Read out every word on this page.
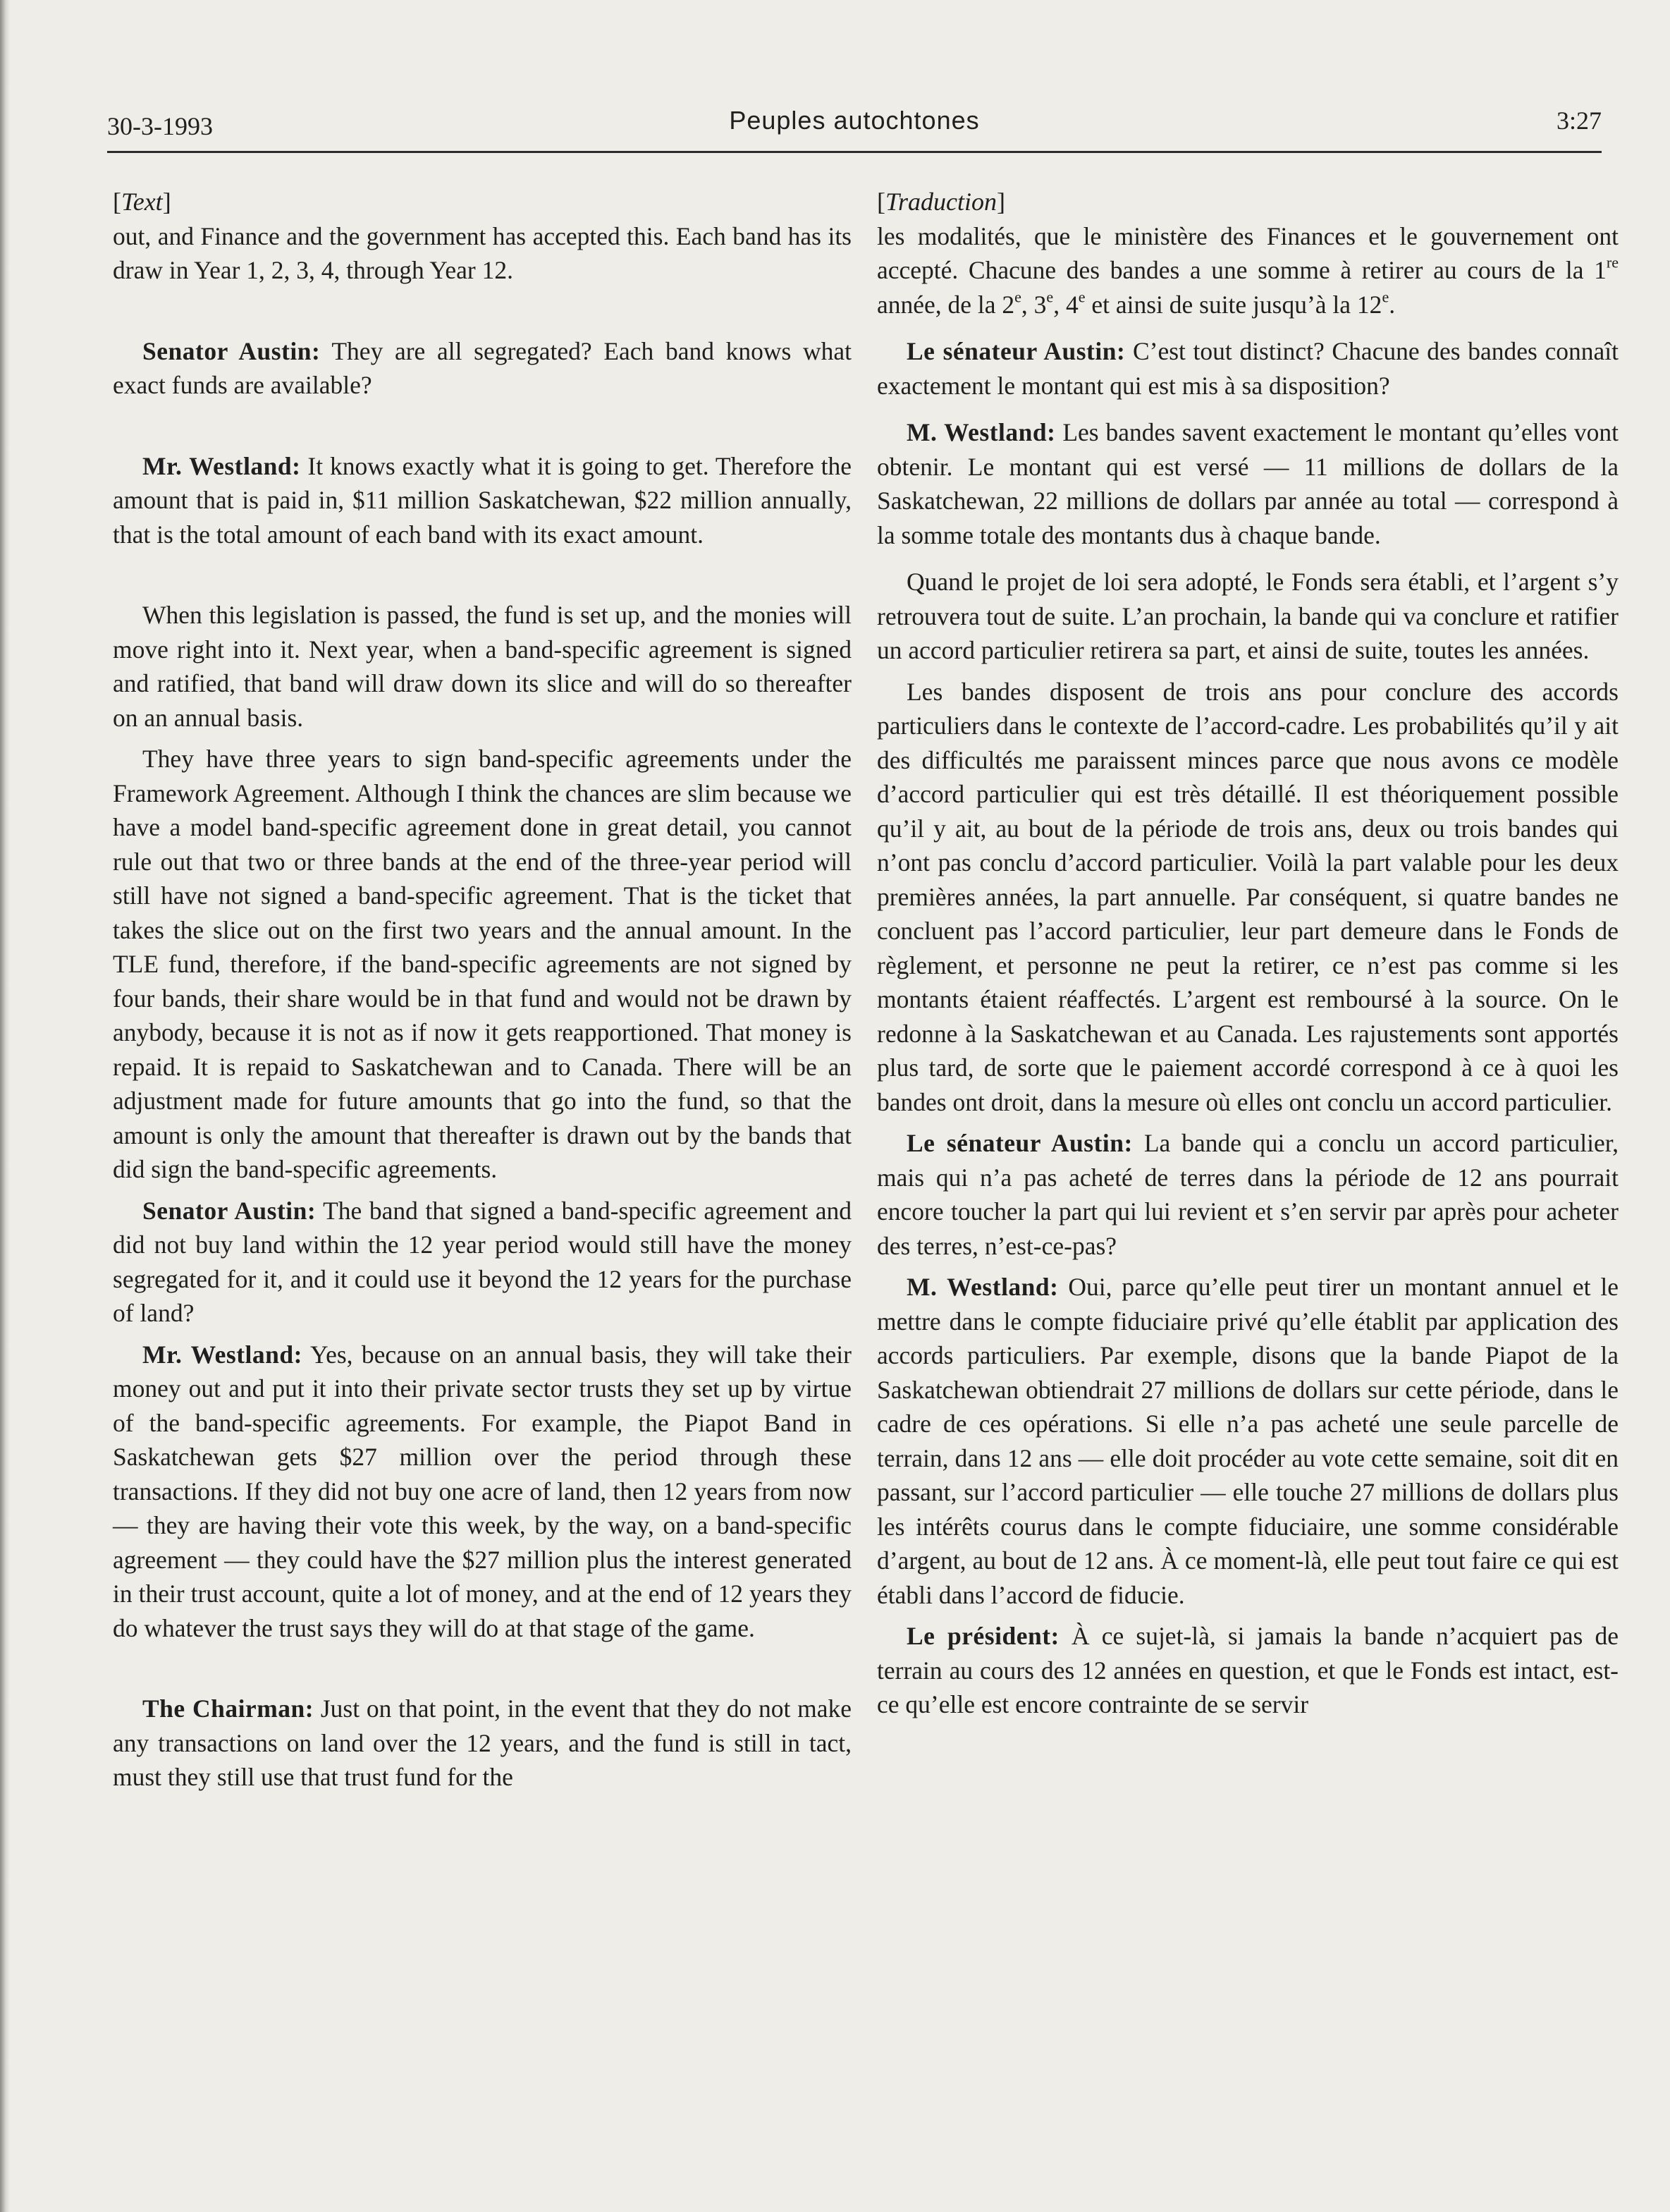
30-3-1993	Peuples autochtones	3:27

[Text]

out, and Finance and the government has accepted this. Each band has its draw in Year 1, 2, 3, 4, through Year 12.

Senator Austin: They are all segregated? Each band knows what exact funds are available?

Mr. Westland: It knows exactly what it is going to get. Therefore the amount that is paid in, $11 million Saskatchewan, $22 million annually, that is the total amount of each band with its exact amount.

When this legislation is passed, the fund is set up, and the monies will move right into it. Next year, when a band-specific agreement is signed and ratified, that band will draw down its slice and will do so thereafter on an annual basis.

They have three years to sign band-specific agreements under the Framework Agreement. Although I think the chances are slim because we have a model band-specific agreement done in great detail, you cannot rule out that two or three bands at the end of the three-year period will still have not signed a band-specific agreement. That is the ticket that takes the slice out on the first two years and the annual amount. In the TLE fund, therefore, if the band-specific agreements are not signed by four bands, their share would be in that fund and would not be drawn by anybody, because it is not as if now it gets reapportioned. That money is repaid. It is repaid to Saskatchewan and to Canada. There will be an adjustment made for future amounts that go into the fund, so that the amount is only the amount that thereafter is drawn out by the bands that did sign the band-specific agreements.

Senator Austin: The band that signed a band-specific agreement and did not buy land within the 12 year period would still have the money segregated for it, and it could use it beyond the 12 years for the purchase of land?

Mr. Westland: Yes, because on an annual basis, they will take their money out and put it into their private sector trusts they set up by virtue of the band-specific agreements. For example, the Piapot Band in Saskatchewan gets $27 million over the period through these transactions. If they did not buy one acre of land, then 12 years from now — they are having their vote this week, by the way, on a band-specific agreement — they could have the $27 million plus the interest generated in their trust account, quite a lot of money, and at the end of 12 years they do whatever the trust says they will do at that stage of the game.

The Chairman: Just on that point, in the event that they do not make any transactions on land over the 12 years, and the fund is still in tact, must they still use that trust fund for the

[Traduction]

les modalités, que le ministère des Finances et le gouvernement ont accepté. Chacune des bandes a une somme à retirer au cours de la 1re année, de la 2e, 3e, 4e et ainsi de suite jusqu’à la 12e.

Le sénateur Austin: C’est tout distinct? Chacune des bandes connaît exactement le montant qui est mis à sa disposition?

M. Westland: Les bandes savent exactement le montant qu’elles vont obtenir. Le montant qui est versé — 11 millions de dollars de la Saskatchewan, 22 millions de dollars par année au total — correspond à la somme totale des montants dus à chaque bande.

Quand le projet de loi sera adopté, le Fonds sera établi, et l’argent s’y retrouvera tout de suite. L’an prochain, la bande qui va conclure et ratifier un accord particulier retirera sa part, et ainsi de suite, toutes les années.

Les bandes disposent de trois ans pour conclure des accords particuliers dans le contexte de l’accord-cadre. Les probabilités qu’il y ait des difficultés me paraissent minces parce que nous avons ce modèle d’accord particulier qui est très détaillé. Il est théoriquement possible qu’il y ait, au bout de la période de trois ans, deux ou trois bandes qui n’ont pas conclu d’accord particulier. Voilà la part valable pour les deux premières années, la part annuelle. Par conséquent, si quatre bandes ne concluent pas l’accord particulier, leur part demeure dans le Fonds de règlement, et personne ne peut la retirer, ce n’est pas comme si les montants étaient réaffectés. L’argent est remboursé à la source. On le redonne à la Saskatchewan et au Canada. Les rajustements sont apportés plus tard, de sorte que le paiement accordé correspond à ce à quoi les bandes ont droit, dans la mesure où elles ont conclu un accord particulier.

Le sénateur Austin: La bande qui a conclu un accord particulier, mais qui n’a pas acheté de terres dans la période de 12 ans pourrait encore toucher la part qui lui revient et s’en servir par après pour acheter des terres, n’est-ce-pas?

M. Westland: Oui, parce qu’elle peut tirer un montant annuel et le mettre dans le compte fiduciaire privé qu’elle établit par application des accords particuliers. Par exemple, disons que la bande Piapot de la Saskatchewan obtiendrait 27 millions de dollars sur cette période, dans le cadre de ces opérations. Si elle n’a pas acheté une seule parcelle de terrain, dans 12 ans — elle doit procéder au vote cette semaine, soit dit en passant, sur l’accord particulier — elle touche 27 millions de dollars plus les intérêts courus dans le compte fiduciaire, une somme considérable d’argent, au bout de 12 ans. À ce moment-là, elle peut tout faire ce qui est établi dans l’accord de fiducie.

Le président: À ce sujet-là, si jamais la bande n’acquiert pas de terrain au cours des 12 années en question, et que le Fonds est intact, est-ce qu’elle est encore contrainte de se servir
